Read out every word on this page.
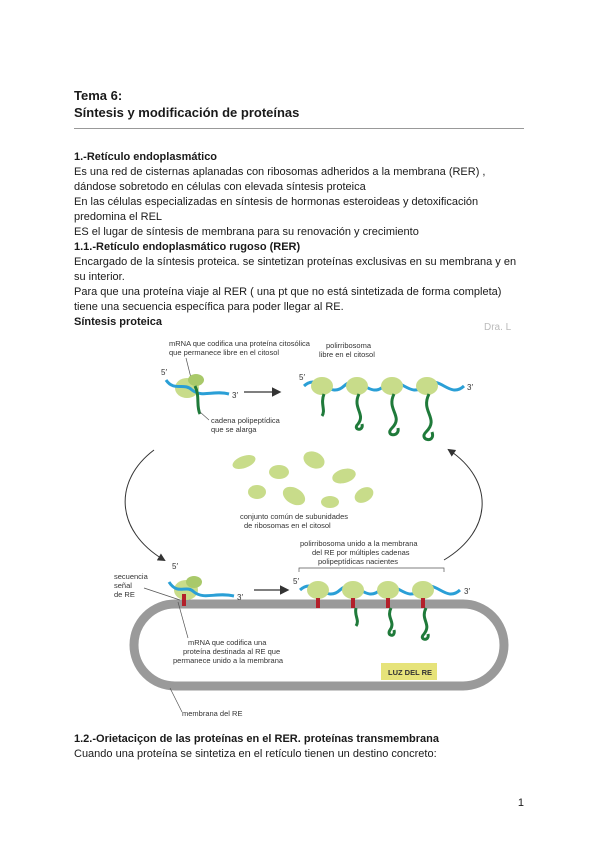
Tema 6:
Síntesis y modificación de proteínas

1.-Retículo endoplasmático

Es una red de cisternas aplanadas con ribosomas adheridos a la membrana (RER) ,

dándose sobretodo en células con elevada síntesis proteica

En las células especializadas en síntesis de hormonas esteroideas y detoxificación

predomina el REL

ES el lugar de síntesis de membrana para su renovación y crecimiento

1.1.-Retículo endoplasmático rugoso (RER)

Encargado de la síntesis proteica. se sintetizan proteínas exclusivas en su membrana y en

su interior.

Para que una proteína viaje al RER ( una pt que no está sintetizada de forma completa)

tiene una secuencia específica para poder llegar al RE.

Síntesis proteica	Dra. L
mRNA que codifica una proteína citosólica
que permanece libre en el citosol
polirribosoma
libre en el citosol
5′
3′
cadena polipeptídica
que se alarga
5′
3′
conjunto común de subunidades
de ribosomas en el citosol
polirribosoma unido a la membrana
del RE por múltiples cadenas
polipeptídicas nacientes
LUZ DEL RE
secuencia
señal
de RE
5′
3′
5′
3′
mRNA que codifica una
proteína destinada al RE que
permanece unido a la membrana
membrana del RE

1.2.-Orietaciçon de las proteínas en el RER. proteínas transmembrana

Cuando una proteína se sintetiza en el retículo tienen un destino concreto:

1
